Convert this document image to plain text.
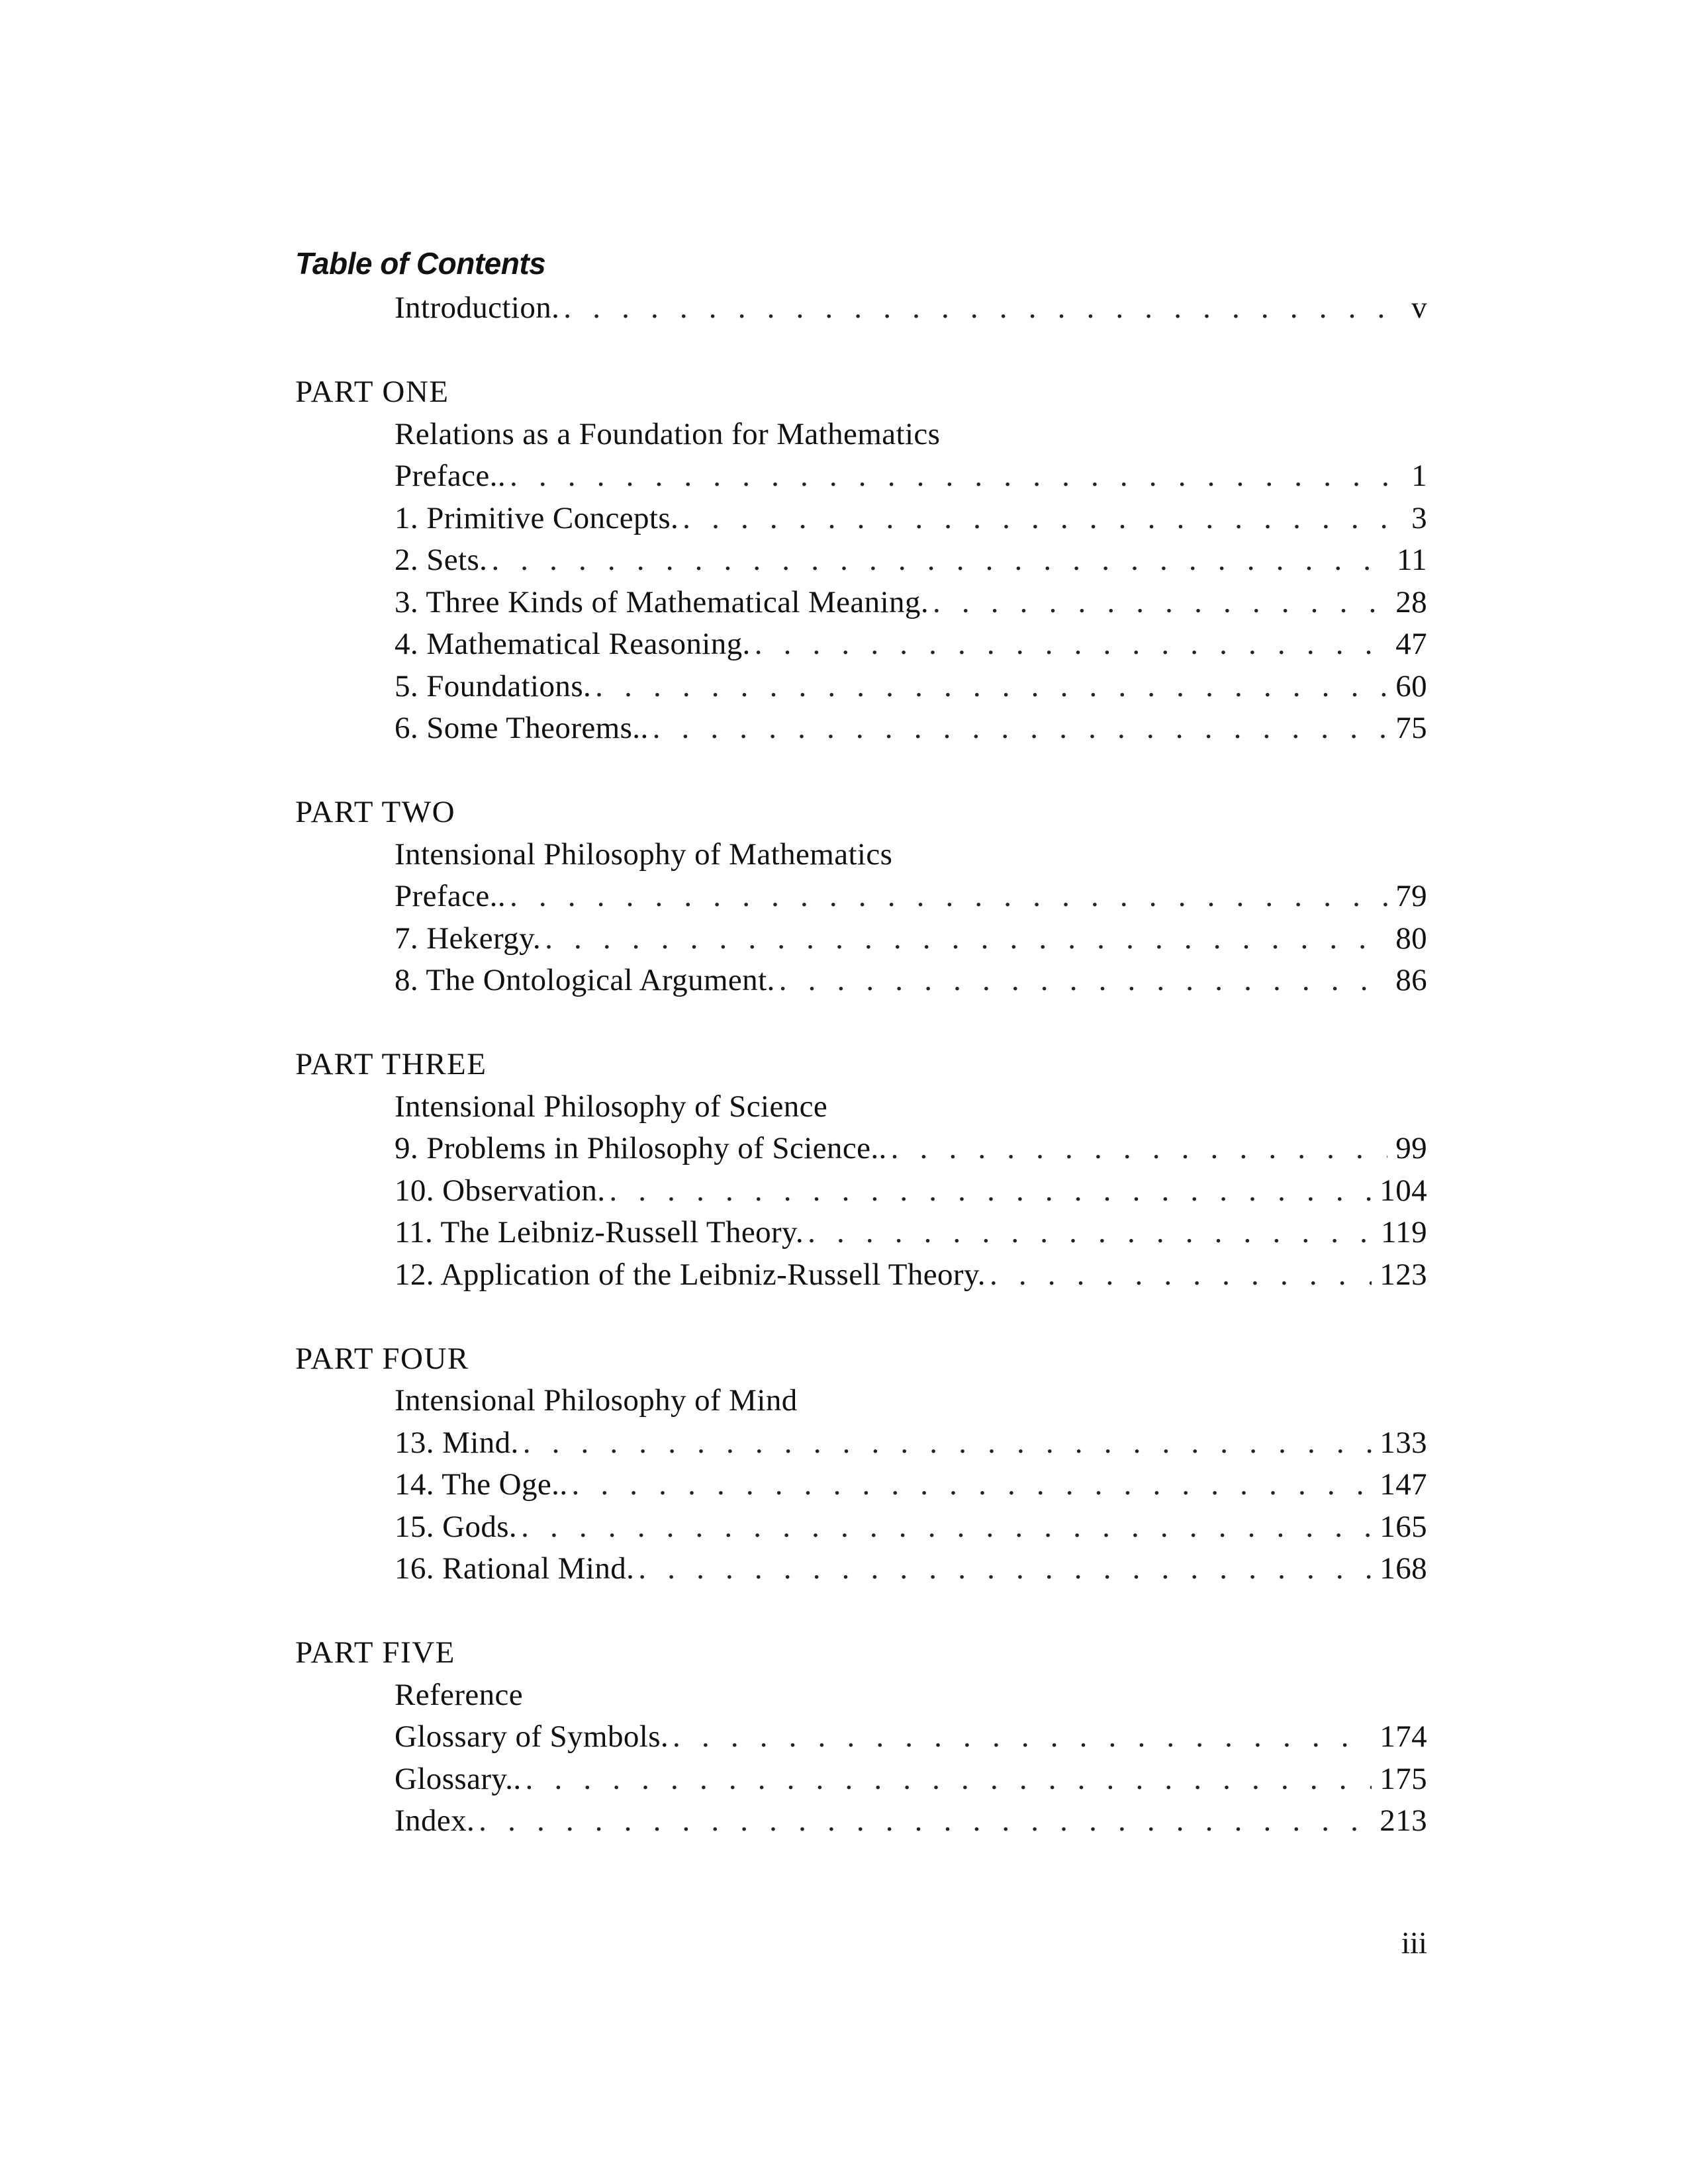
Table of Contents
Introduction. . . .	v
PART ONE
Relations as a Foundation for Mathematics
Preface.. . . .	1
1. Primitive Concepts. . . .	3
2. Sets. . . .	11
3. Three Kinds of Mathematical Meaning. . . .	28
4. Mathematical Reasoning. . . .	47
5. Foundations. . . .	60
6. Some Theorems.. . . .	75
PART TWO
Intensional Philosophy of Mathematics
Preface.. . . .	79
7. Hekergy. . . .	80
8. The Ontological Argument. . . .	86
PART THREE
Intensional Philosophy of Science
9. Problems in Philosophy of Science.. . . .	99
10. Observation. . . .	104
11. The Leibniz-Russell Theory. . . .	119
12. Application of the Leibniz-Russell Theory. . . .	123
PART FOUR
Intensional Philosophy of Mind
13. Mind. . . .	133
14. The Oge.. . . .	147
15. Gods. . . .	165
16. Rational Mind. . . .	168
PART FIVE
Reference
Glossary of Symbols. . . .	174
Glossary.. . . .	175
Index. . . .	213
iii
